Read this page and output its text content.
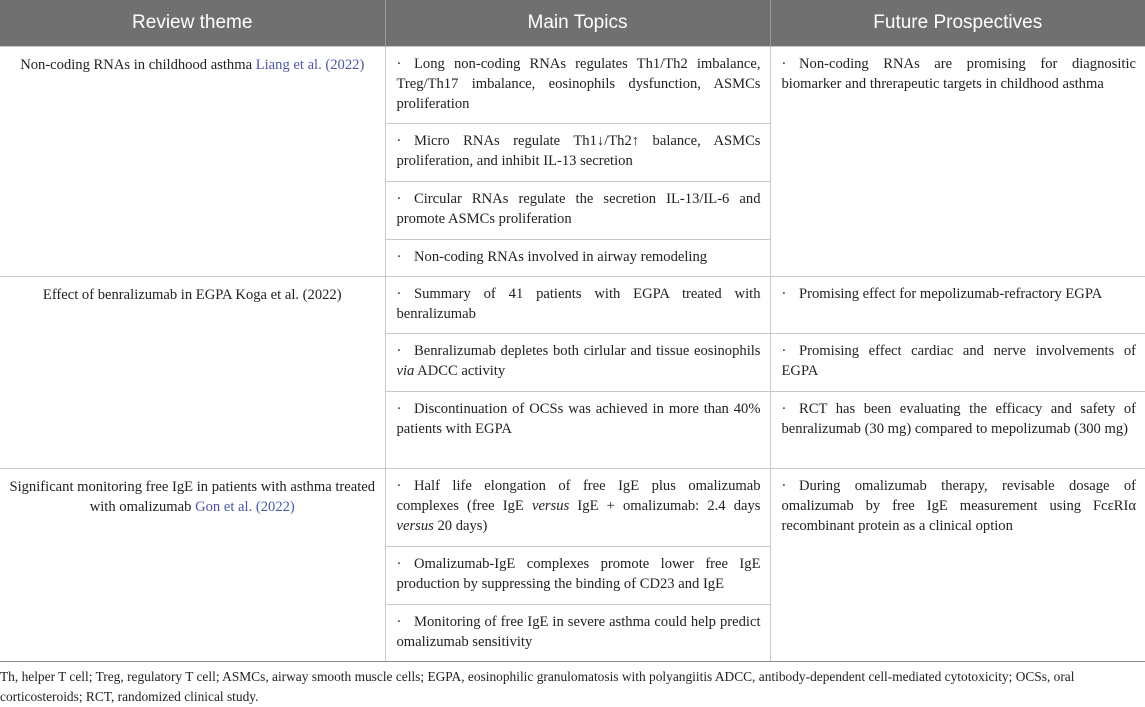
Review theme	Main Topics	Future Prospectives
Non-coding RNAs in childhood asthma Liang et al. (2022)	· Long non-coding RNAs regulates Th1/Th2 imbalance, Treg/Th17 imbalance, eosinophils dysfunction, ASMCs proliferation	· Non-coding RNAs are promising for diagnositic biomarker and threrapeutic targets in childhood asthma
	· Micro RNAs regulate Th1↓/Th2↑ balance, ASMCs proliferation, and inhibit IL-13 secretion	
	· Circular RNAs regulate the secretion IL-13/IL-6 and promote ASMCs proliferation	
	· Non-coding RNAs involved in airway remodeling	
Effect of benralizumab in EGPA Koga et al. (2022)	· Summary of 41 patients with EGPA treated with benralizumab	· Promising effect for mepolizumab-refractory EGPA
	· Benralizumab depletes both cirlular and tissue eosinophils via ADCC activity	· Promising effect cardiac and nerve involvements of EGPA
	· Discontinuation of OCSs was achieved in more than 40% patients with EGPA	· RCT has been evaluating the efficacy and safety of benralizumab (30 mg) compared to mepolizumab (300 mg)
Significant monitoring free IgE in patients with asthma treated with omalizumab Gon et al. (2022)	· Half life elongation of free IgE plus omalizumab complexes (free IgE versus IgE + omalizumab: 2.4 days versus 20 days)	· During omalizumab therapy, revisable dosage of omalizumab by free IgE measurement using FcεRIα recombinant protein as a clinical option
	· Omalizumab-IgE complexes promote lower free IgE production by suppressing the binding of CD23 and IgE	
	· Monitoring of free IgE in severe asthma could help predict omalizumab sensitivity	
Th, helper T cell; Treg, regulatory T cell; ASMCs, airway smooth muscle cells; EGPA, eosinophilic granulomatosis with polyangiitis ADCC, antibody-dependent cell-mediated cytotoxicity; OCSs, oral corticosteroids; RCT, randomized clinical study.
